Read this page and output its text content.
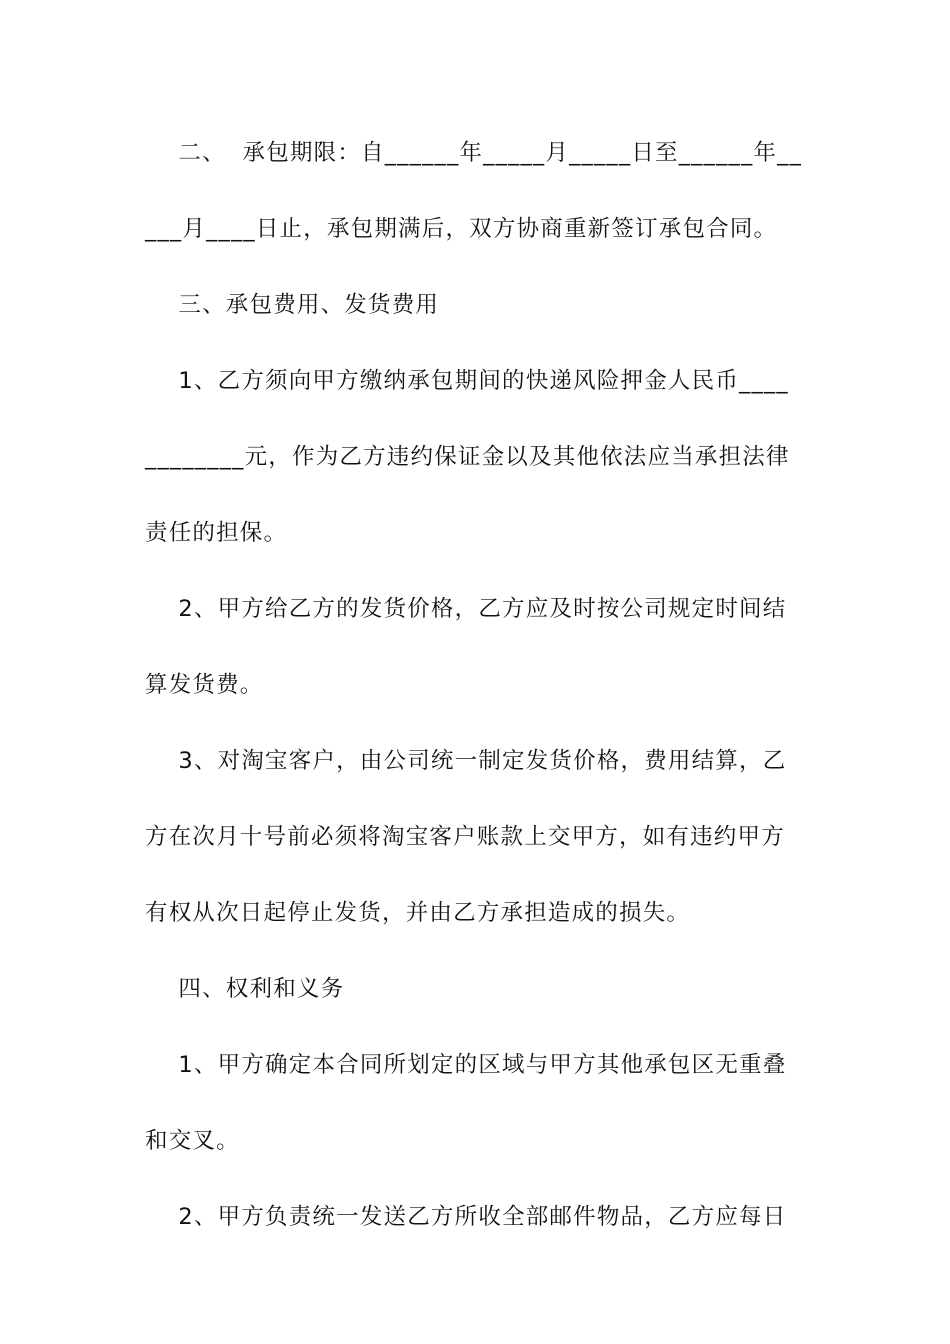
二、  承包期限：自______年_____月_____日至______年__
___月____日止，承包期满后，双方协商重新签订承包合同。
三、承包费用、发货费用
1、乙方须向甲方缴纳承包期间的快递风险押金人民币____
________元，作为乙方违约保证金以及其他依法应当承担法律
责任的担保。
2、甲方给乙方的发货价格，乙方应及时按公司规定时间结
算发货费。
3、对淘宝客户，由公司统一制定发货价格，费用结算，乙
方在次月十号前必须将淘宝客户账款上交甲方，如有违约甲方
有权从次日起停止发货，并由乙方承担造成的损失。
四、权利和义务
1、甲方确定本合同所划定的区域与甲方其他承包区无重叠
和交叉。
2、甲方负责统一发送乙方所收全部邮件物品，乙方应每日
